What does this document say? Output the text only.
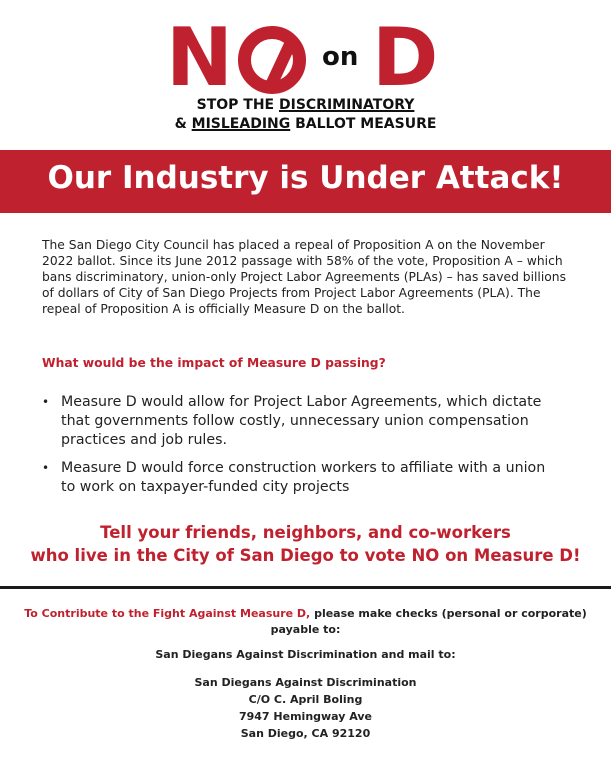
N	on D
STOP THE DISCRIMINATORY
& MISLEADING BALLOT MEASURE
Our Industry is Under Attack!

The San Diego City Council has placed a repeal of Proposition A on the November 2022 ballot. Since its June 2012 passage with 58% of the vote, Proposition A – which bans discriminatory, union-only Project Labor Agreements (PLAs) – has saved billions of dollars of City of San Diego Projects from Project Labor Agreements (PLA). The repeal of Proposition A is officially Measure D on the ballot.

What would be the impact of Measure D passing?
• Measure D would allow for Project Labor Agreements, which dictate that governments follow costly, unnecessary union compensation practices and job rules.
• Measure D would force construction workers to affiliate with a union to work on taxpayer-funded city projects
Tell your friends, neighbors, and co-workers
who live in the City of San Diego to vote NO on Measure D!
To Contribute to the Fight Against Measure D, please make checks (personal or corporate) payable to:
San Diegans Against Discrimination and mail to:
San Diegans Against Discrimination
C/O C. April Boling
7947 Hemingway Ave
San Diego, CA 92120
